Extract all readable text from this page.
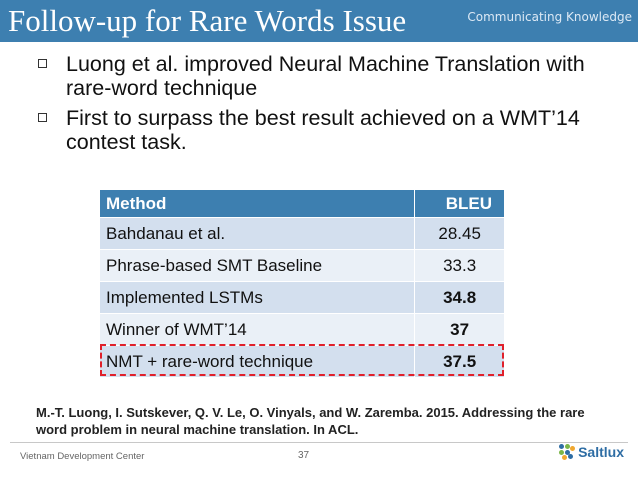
Follow-up for Rare Words Issue	Communicating Knowledge
Luong et al. improved Neural Machine Translation with rare-word technique
First to surpass the best result achieved on a WMT’14 contest task.
Method	BLEU
Bahdanau et al.	28.45
Phrase-based SMT Baseline	33.3
Implemented LSTMs	34.8
Winner of WMT’14	37
NMT + rare-word technique	37.5
M.-T. Luong, I. Sutskever, Q. V. Le, O. Vinyals, and W. Zaremba. 2015. Addressing the rare word problem in neural machine translation. In ACL.
Vietnam Development Center	37	Saltlux
